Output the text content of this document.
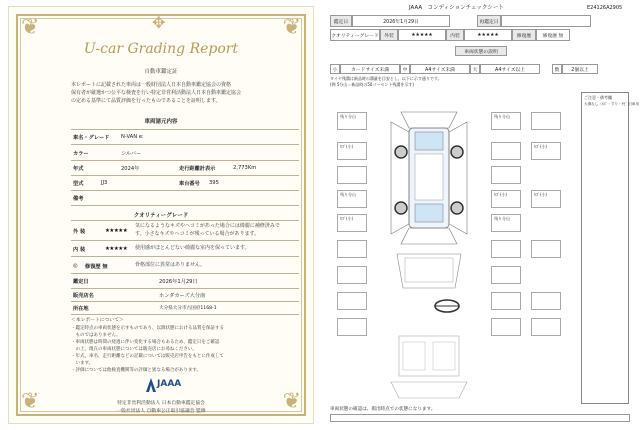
❦	❦
❦	❦
✥
U-car Grading Report
自動車鑑定証
本レポートに記載された車両は一般財団法人日本自動車鑑定協会の資格
保有者が厳選かつ公平な検査を行い特定非営利活動法人日本自動車鑑定協会
の定める基準にて品質評価を行ったものであることを証明します。
車両諸元内容
車名・グレード N-VAN e:
カラー	シルバー
年式	2024年	走行距離計表示	2,773Km
型式	JJ3	車台番号 395
備考
クオリティーグレード
外 装	★★★★★
気になるようなキズやヘコミがあった場合には綺麗に補修済みで
す。小さなキズやヘコミが残っている場合があります。
内 装	★★★★★ 使用感がほとんどない綺麗な室内を保っています。
◎ 修復歴 無	骨格部位に異常はありません。
鑑定日	2026年1月29日
販売店名	ホンダカーズ大分南
所在地	大分県大分市古国府1168-1
＜本レポートについて＞
・鑑定時点の車両状態を示すものであり、以降状態における品質を保証する
　ものではありません。
・車両状態は時間の経過に伴い変化する場合もあるため、鑑定日をご確認
　の上、現在の車両状態については販売店にお尋ねください。
・年式、車名、走行距離などの記載については販売店申告をもとに作成して
　います。
・評価については他検査機関等の評価と異なる場合があります。
JAAA
特定非営利活動法人 日本自動車鑑定協会
一般社団法人 自動車公正取引協議会 監修
JAAA　コンディションチェックシート	E24126A2905
鑑定日	2026年1月29日	再鑑定日
クオリティーグレード	外装	★★★★★	内装	★★★★★	修復歴	修復歴 無
車両状態の説明
小	カードサイズ未満	中	A4サイズ未満	大	A4サイズ以上	数	2個以上
タイヤ残溝は新品時の溝量を目安とし、以下に示す通りです。
(例 5分山＝新品時の50パーセント残溝を示す)
ご注意・備考欄
大傷なし（ｷｽﾞ・すり・ｻﾋﾞ 旧車用
残り分山
ｷｽﾞ(小)
残り分山
ｷｽﾞ(小)
残り分山
ｷｽﾞ(小)
残り分山
ｷｽﾞ(小)
ｷｽﾞ(小)
車両状態の確認は、掲出時点での状態になります。
